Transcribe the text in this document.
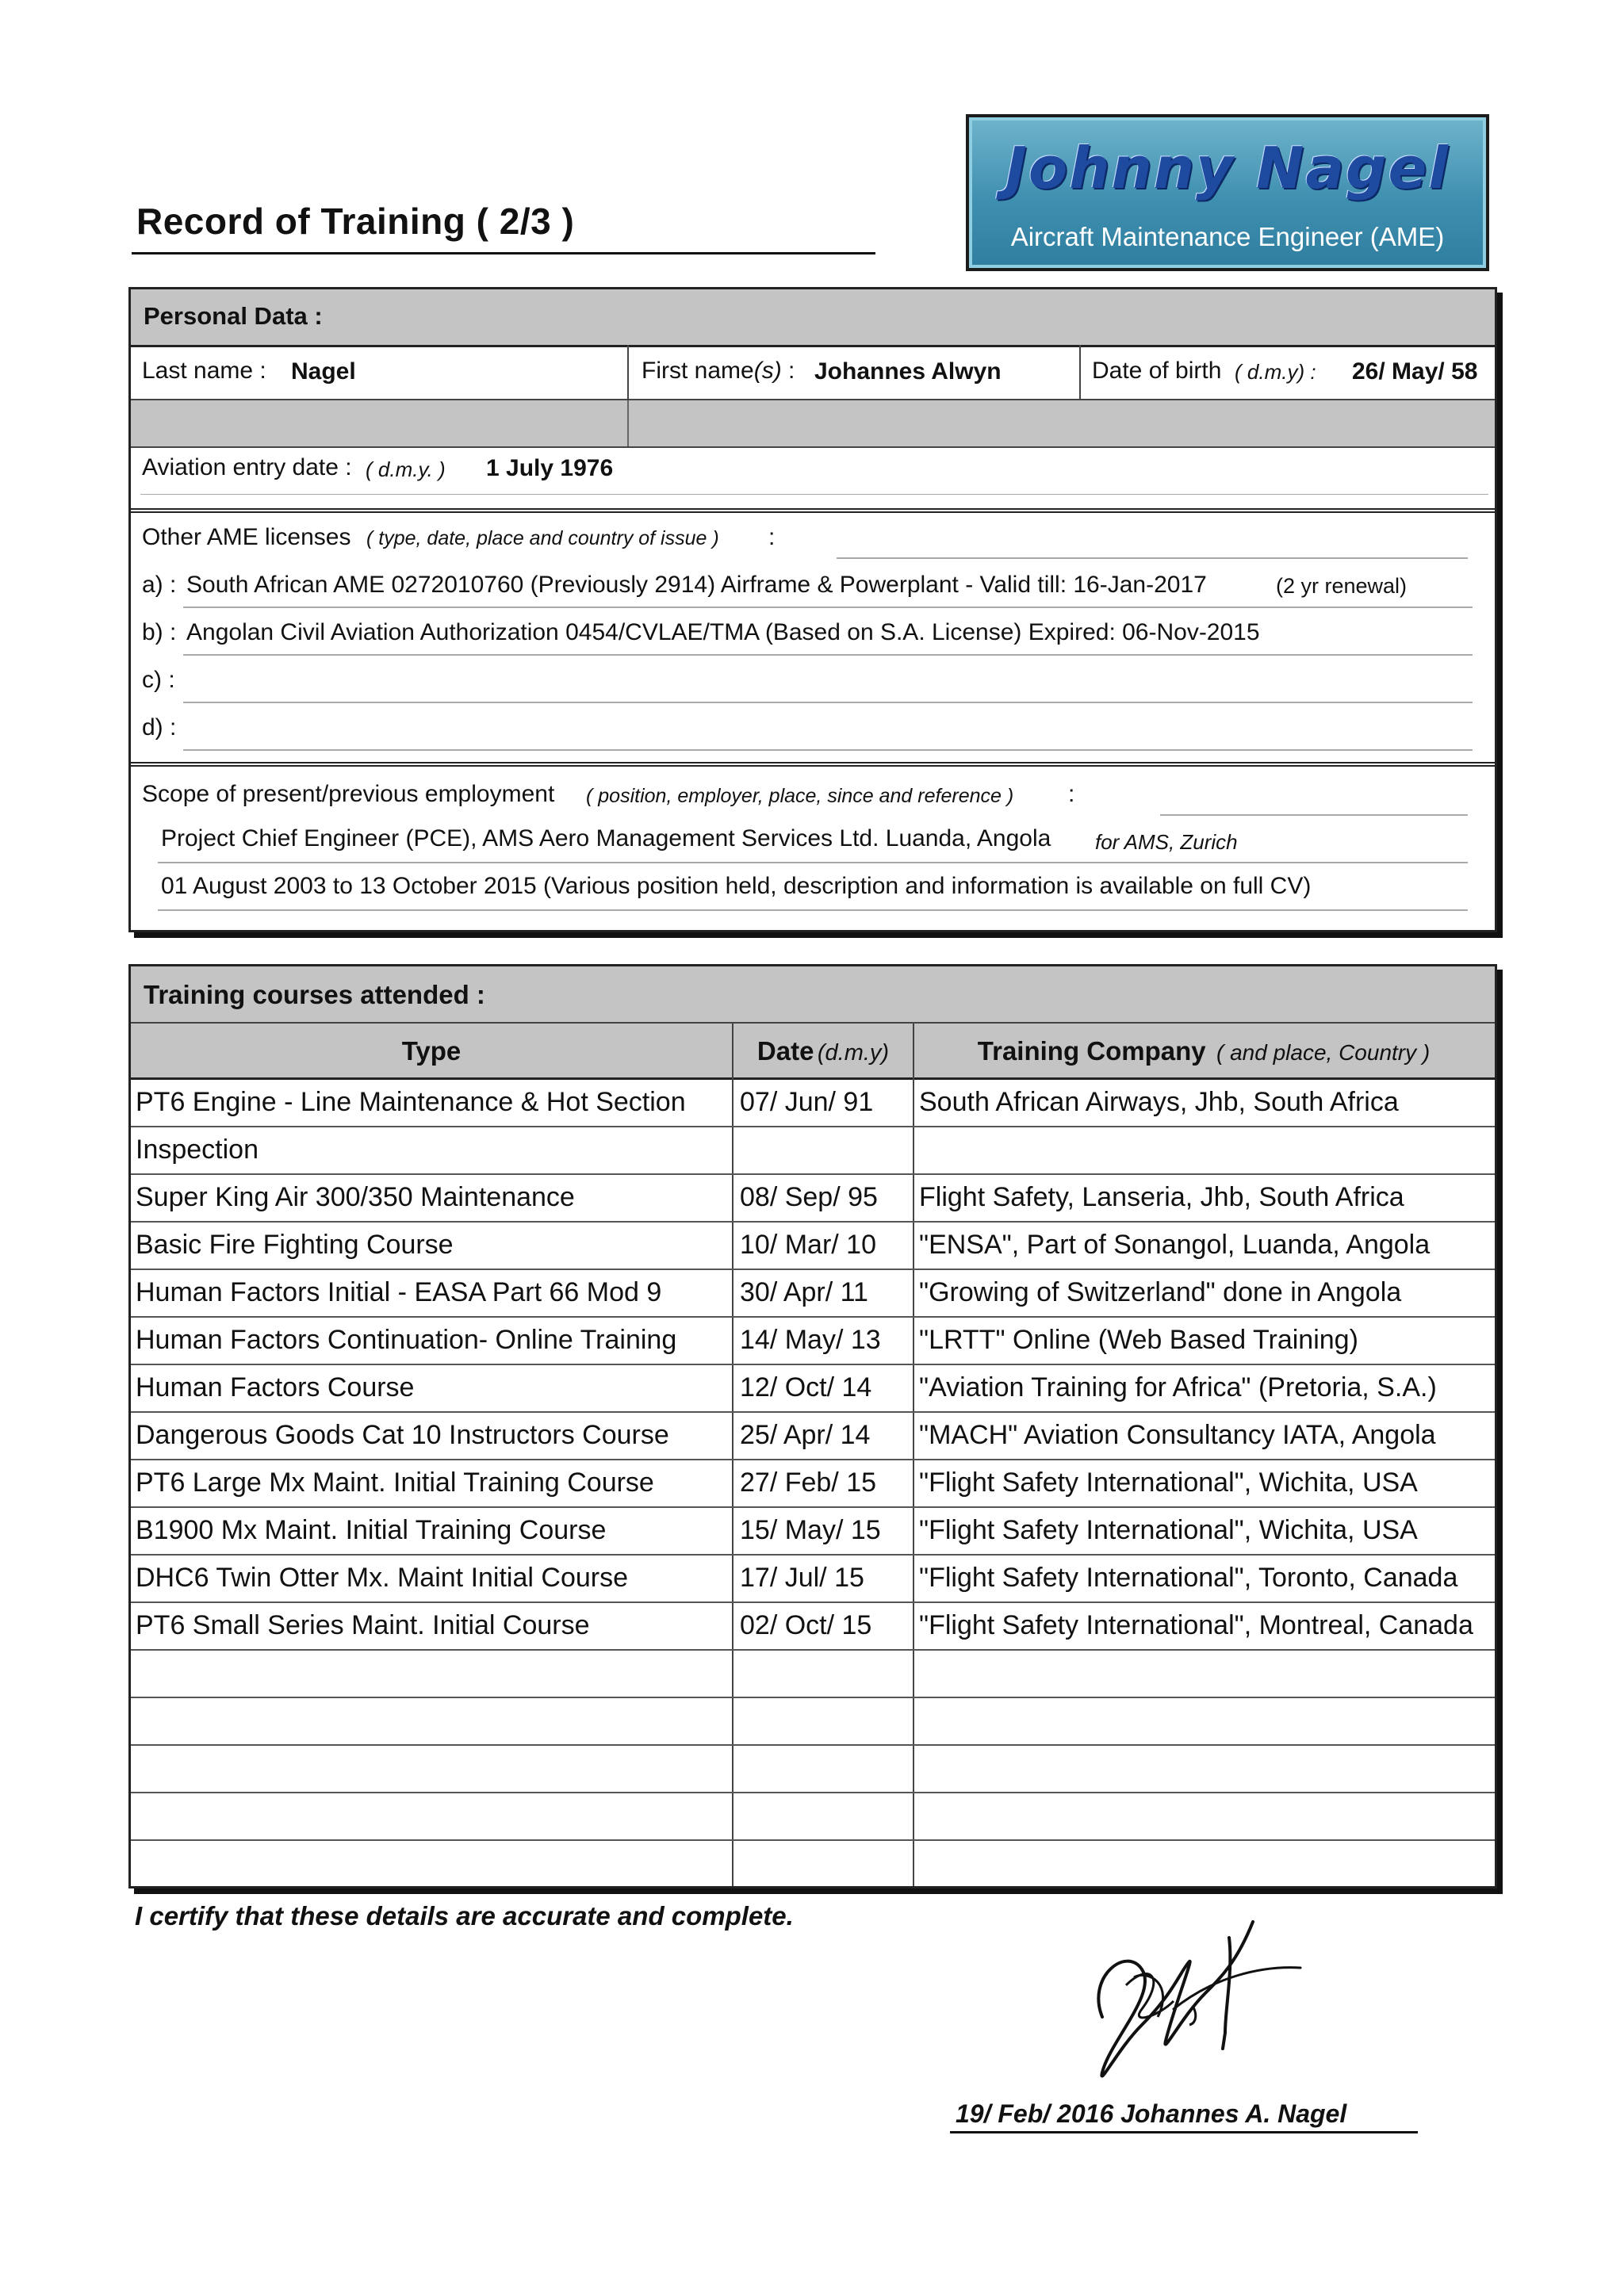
Record of Training ( 2/3 )
Johnny Nagel
Aircraft Maintenance Engineer (AME)
Personal Data :
Last name : Nagel	First name(s) : Johannes Alwyn	Date of birth ( d.m.y) : 26/ May/ 58
Aviation entry date : ( d.m.y. ) 1 July 1976
Other AME licenses ( type, date, place and country of issue ) :
a) : South African AME 0272010760 (Previously 2914) Airframe & Powerplant - Valid till: 16-Jan-2017	(2 yr renewal)
b) : Angolan Civil Aviation Authorization 0454/CVLAE/TMA (Based on S.A. License) Expired: 06-Nov-2015
c) :
d) :
Scope of present/previous employment ( position, employer, place, since and reference ) :
Project Chief Engineer (PCE), AMS Aero Management Services Ltd. Luanda, Angola for AMS, Zurich
01 August 2003 to 13 October 2015 (Various position held, description and information is available on full CV)
Training courses attended :
Type	Date (d.m.y)	Training Company ( and place, Country )
PT6 Engine - Line Maintenance & Hot Section 07/ Jun/ 91 South African Airways, Jhb, South Africa
Inspection
Super King Air 300/350 Maintenance	08/ Sep/ 95 Flight Safety, Lanseria, Jhb, South Africa
Basic Fire Fighting Course	10/ Mar/ 10 "ENSA", Part of Sonangol, Luanda, Angola
Human Factors Initial - EASA Part 66 Mod 9	30/ Apr/ 11 "Growing of Switzerland" done in Angola
Human Factors Continuation- Online Training 14/ May/ 13 "LRTT" Online (Web Based Training)
Human Factors Course	12/ Oct/ 14 "Aviation Training for Africa" (Pretoria, S.A.)
Dangerous Goods Cat 10 Instructors Course	25/ Apr/ 14 "MACH" Aviation Consultancy IATA, Angola
PT6 Large Mx Maint. Initial Training Course	27/ Feb/ 15 "Flight Safety International", Wichita, USA
B1900 Mx Maint. Initial Training Course	15/ May/ 15 "Flight Safety International", Wichita, USA
DHC6 Twin Otter Mx. Maint Initial Course	17/ Jul/ 15 "Flight Safety International", Toronto, Canada
PT6 Small Series Maint. Initial Course	02/ Oct/ 15 "Flight Safety International", Montreal, Canada
I certify that these details are accurate and complete.
19/ Feb/ 2016 Johannes A. Nagel
